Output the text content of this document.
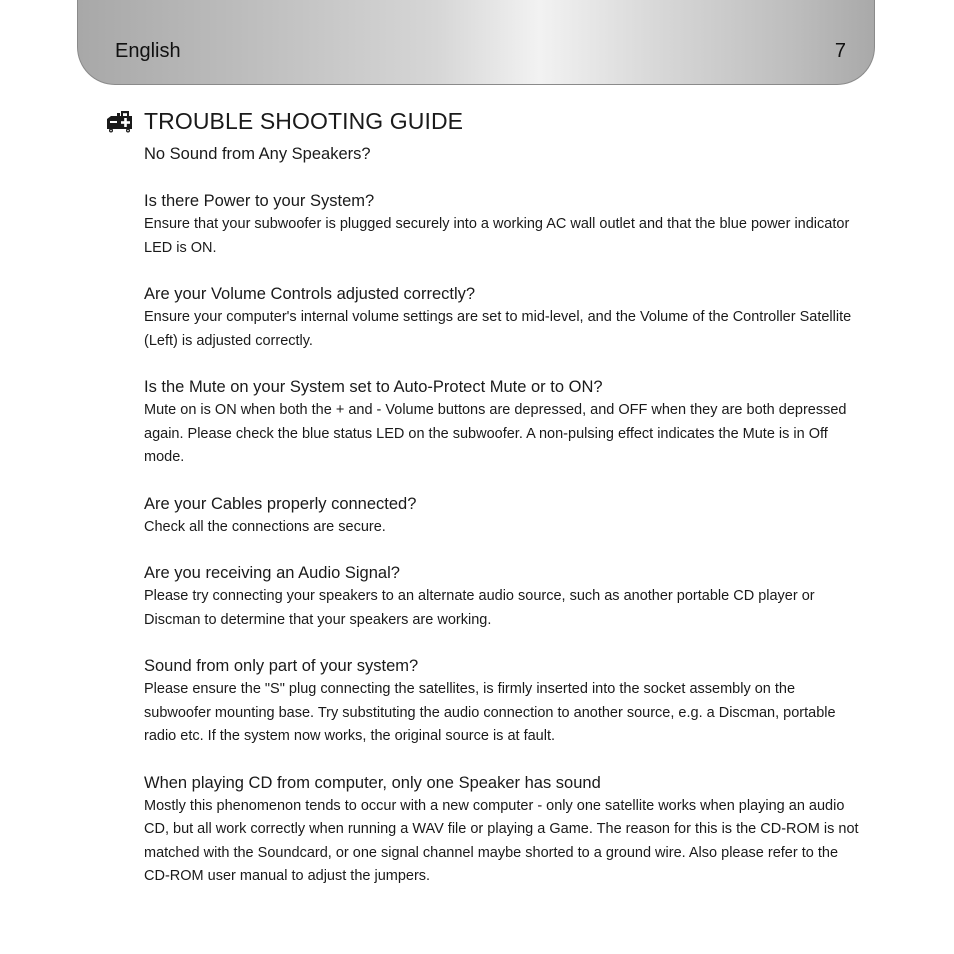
English	7
TROUBLE SHOOTING GUIDE

No Sound from Any Speakers?

Is there Power to your System?

Ensure that your subwoofer is plugged securely into a working AC wall outlet and that the blue power indicator LED is ON.

Are your Volume Controls adjusted correctly?

Ensure your computer's internal volume settings are set to mid-level, and the Volume of the Controller Satellite (Left) is adjusted correctly.

Is the Mute on your System set to Auto-Protect Mute or to ON?

Mute on is ON when both the + and - Volume buttons are depressed, and OFF when they are both depressed again. Please check the blue status LED on the subwoofer. A non-pulsing effect indicates the Mute is in Off mode.

Are your Cables properly connected?

Check all the connections are secure.

Are you receiving an Audio Signal?

Please try connecting your speakers to an alternate audio source, such as another portable CD player or Discman to determine that your speakers are working.

Sound from only part of your system?

Please ensure the "S" plug connecting the satellites, is firmly inserted into the socket assembly on the subwoofer mounting base. Try substituting the audio connection to another source, e.g. a Discman, portable radio etc. If the system now works, the original source is at fault.

When playing CD from computer, only one Speaker has sound

Mostly this phenomenon tends to occur with a new computer - only one satellite works when playing an audio CD, but all work correctly when running a WAV file or playing a Game. The reason for this is the CD-ROM is not matched with the Soundcard, or one signal channel maybe shorted to a ground wire. Also please refer to the CD-ROM user manual to adjust the jumpers.
